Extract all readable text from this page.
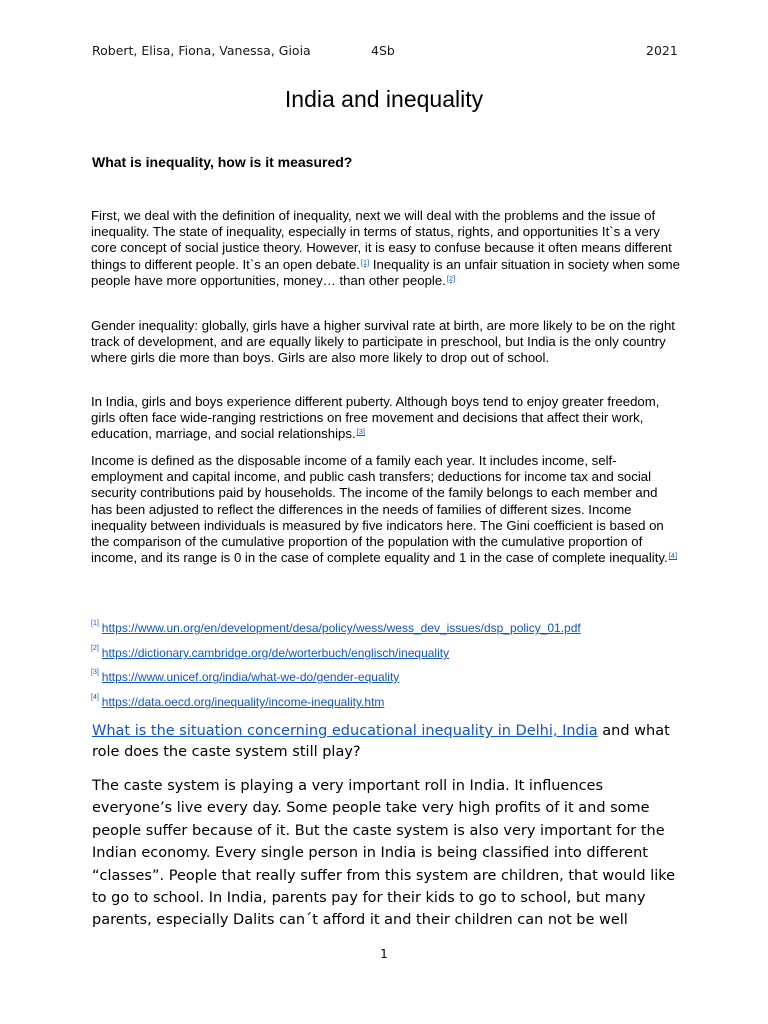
Robert, Elisa, Fiona, Vanessa, Gioia	4Sb	2021
India and inequality
What is inequality, how is it measured?
First, we deal with the definition of inequality, next we will deal with the problems and the issue of inequality. The state of inequality, especially in terms of status, rights, and opportunities It`s a very core concept of social justice theory. However, it is easy to confuse because it often means different things to different people. It`s an open debate.[1] Inequality is an unfair situation in society when some people have more opportunities, money… than other people.[2]
Gender inequality: globally, girls have a higher survival rate at birth, are more likely to be on the right track of development, and are equally likely to participate in preschool, but India is the only country where girls die more than boys. Girls are also more likely to drop out of school.
In India, girls and boys experience different puberty. Although boys tend to enjoy greater freedom, girls often face wide-ranging restrictions on free movement and decisions that affect their work, education, marriage, and social relationships.[3]
Income is defined as the disposable income of a family each year. It includes income, self-employment and capital income, and public cash transfers; deductions for income tax and social security contributions paid by households. The income of the family belongs to each member and has been adjusted to reflect the differences in the needs of families of different sizes. Income inequality between individuals is measured by five indicators here. The Gini coefficient is based on the comparison of the cumulative proportion of the population with the cumulative proportion of income, and its range is 0 in the case of complete equality and 1 in the case of complete inequality.[4]
[1] https://www.un.org/en/development/desa/policy/wess/wess_dev_issues/dsp_policy_01.pdf
[2] https://dictionary.cambridge.org/de/worterbuch/englisch/inequality
[3] https://www.unicef.org/india/what-we-do/gender-equality
[4] https://data.oecd.org/inequality/income-inequality.htm
What is the situation concerning educational inequality in Delhi, India and what role does the caste system still play?
The caste system is playing a very important roll in India. It influences everyone’s live every day. Some people take very high profits of it and some people suffer because of it. But the caste system is also very important for the Indian economy. Every single person in India is being classified into different “classes”. People that really suffer from this system are children, that would like to go to school. In India, parents pay for their kids to go to school, but many parents, especially Dalits can´t afford it and their children can not be well
1
